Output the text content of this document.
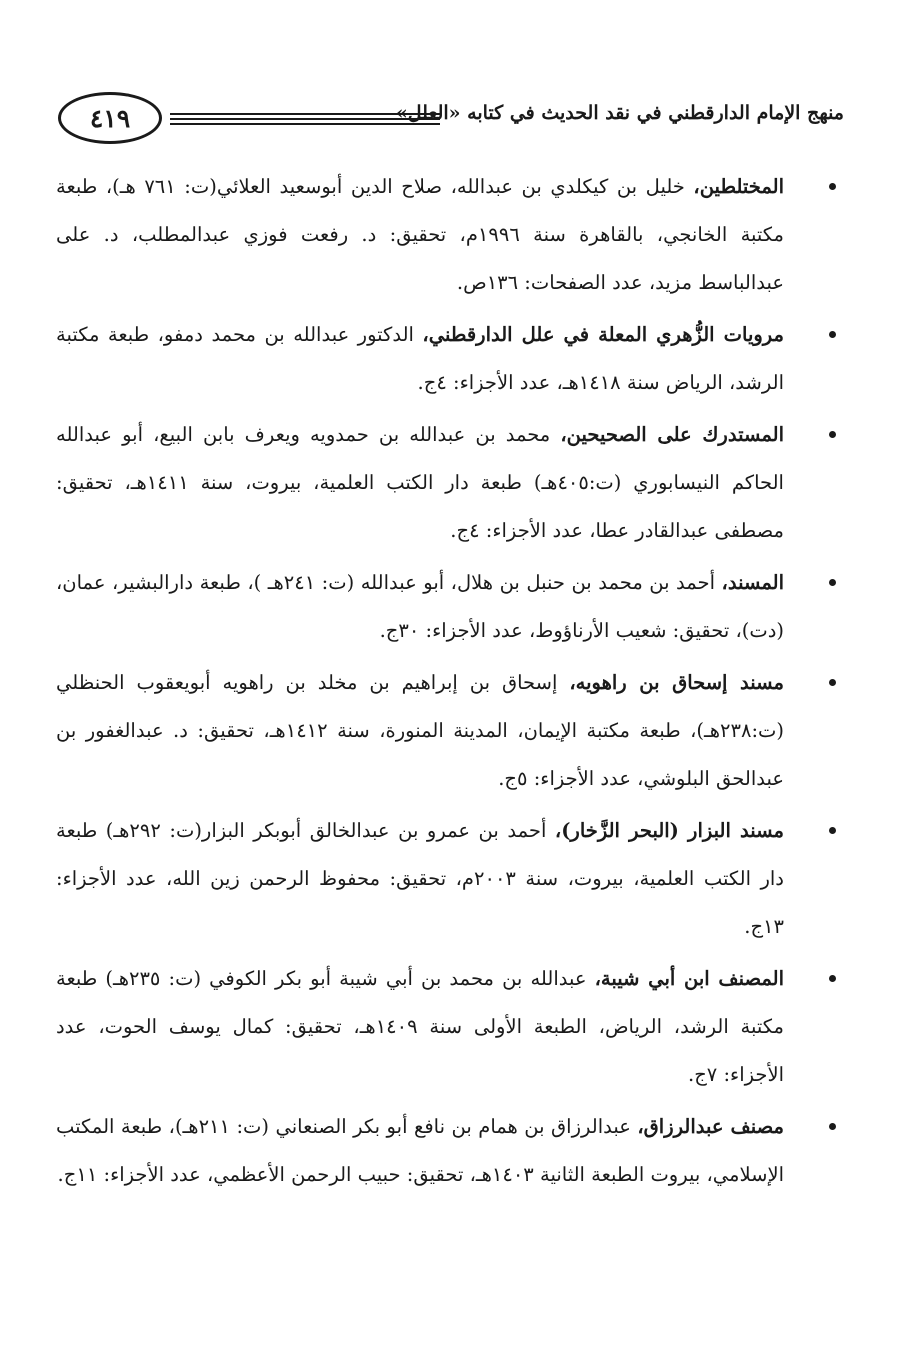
٤١٩	منهج الإمام الدارقطني في نقد الحديث في كتابه «العلل»
المختلطين، خليل بن كيكلدي بن عبدالله، صلاح الدين أبوسعيد العلائي(ت: ٧٦١ هـ)، طبعة مكتبة الخانجي، بالقاهرة سنة ١٩٩٦م، تحقيق: د. رفعت فوزي عبدالمطلب، د. على عبدالباسط مزيد، عدد الصفحات: ١٣٦ص.
مرويات الزُّهري المعلة في علل الدارقطني، الدكتور عبدالله بن محمد دمفو، طبعة مكتبة الرشد، الرياض سنة ١٤١٨هـ، عدد الأجزاء: ٤ج.
المستدرك على الصحيحين، محمد بن عبدالله بن حمدويه ويعرف بابن البيع، أبو عبدالله الحاكم النيسابوري (ت:٤٠٥هـ) طبعة دار الكتب العلمية، بيروت، سنة ١٤١١هـ، تحقيق: مصطفى عبدالقادر عطا، عدد الأجزاء: ٤ج.
المسند، أحمد بن محمد بن حنبل بن هلال، أبو عبدالله (ت: ٢٤١هـ )، طبعة دارالبشير، عمان، (دت)، تحقيق: شعيب الأرناؤوط، عدد الأجزاء: ٣٠ج.
مسند إسحاق بن راهويه، إسحاق بن إبراهيم بن مخلد بن راهويه أبويعقوب الحنظلي (ت:٢٣٨هـ)، طبعة مكتبة الإيمان، المدينة المنورة، سنة ١٤١٢هـ، تحقيق: د. عبدالغفور بن عبدالحق البلوشي، عدد الأجزاء: ٥ج.
مسند البزار (البحر الزَّخار)، أحمد بن عمرو بن عبدالخالق أبوبكر البزار(ت: ٢٩٢هـ) طبعة دار الكتب العلمية، بيروت، سنة ٢٠٠٣م، تحقيق: محفوظ الرحمن زين الله، عدد الأجزاء: ١٣ج.
المصنف ابن أبي شيبة، عبدالله بن محمد بن أبي شيبة أبو بكر الكوفي (ت: ٢٣٥هـ) طبعة مكتبة الرشد، الرياض، الطبعة الأولى سنة ١٤٠٩هـ، تحقيق: كمال يوسف الحوت، عدد الأجزاء: ٧ج.
مصنف عبدالرزاق، عبدالرزاق بن همام بن نافع أبو بكر الصنعاني (ت: ٢١١هـ)، طبعة المكتب الإسلامي، بيروت الطبعة الثانية ١٤٠٣هـ، تحقيق: حبيب الرحمن الأعظمي، عدد الأجزاء: ١١ج.
